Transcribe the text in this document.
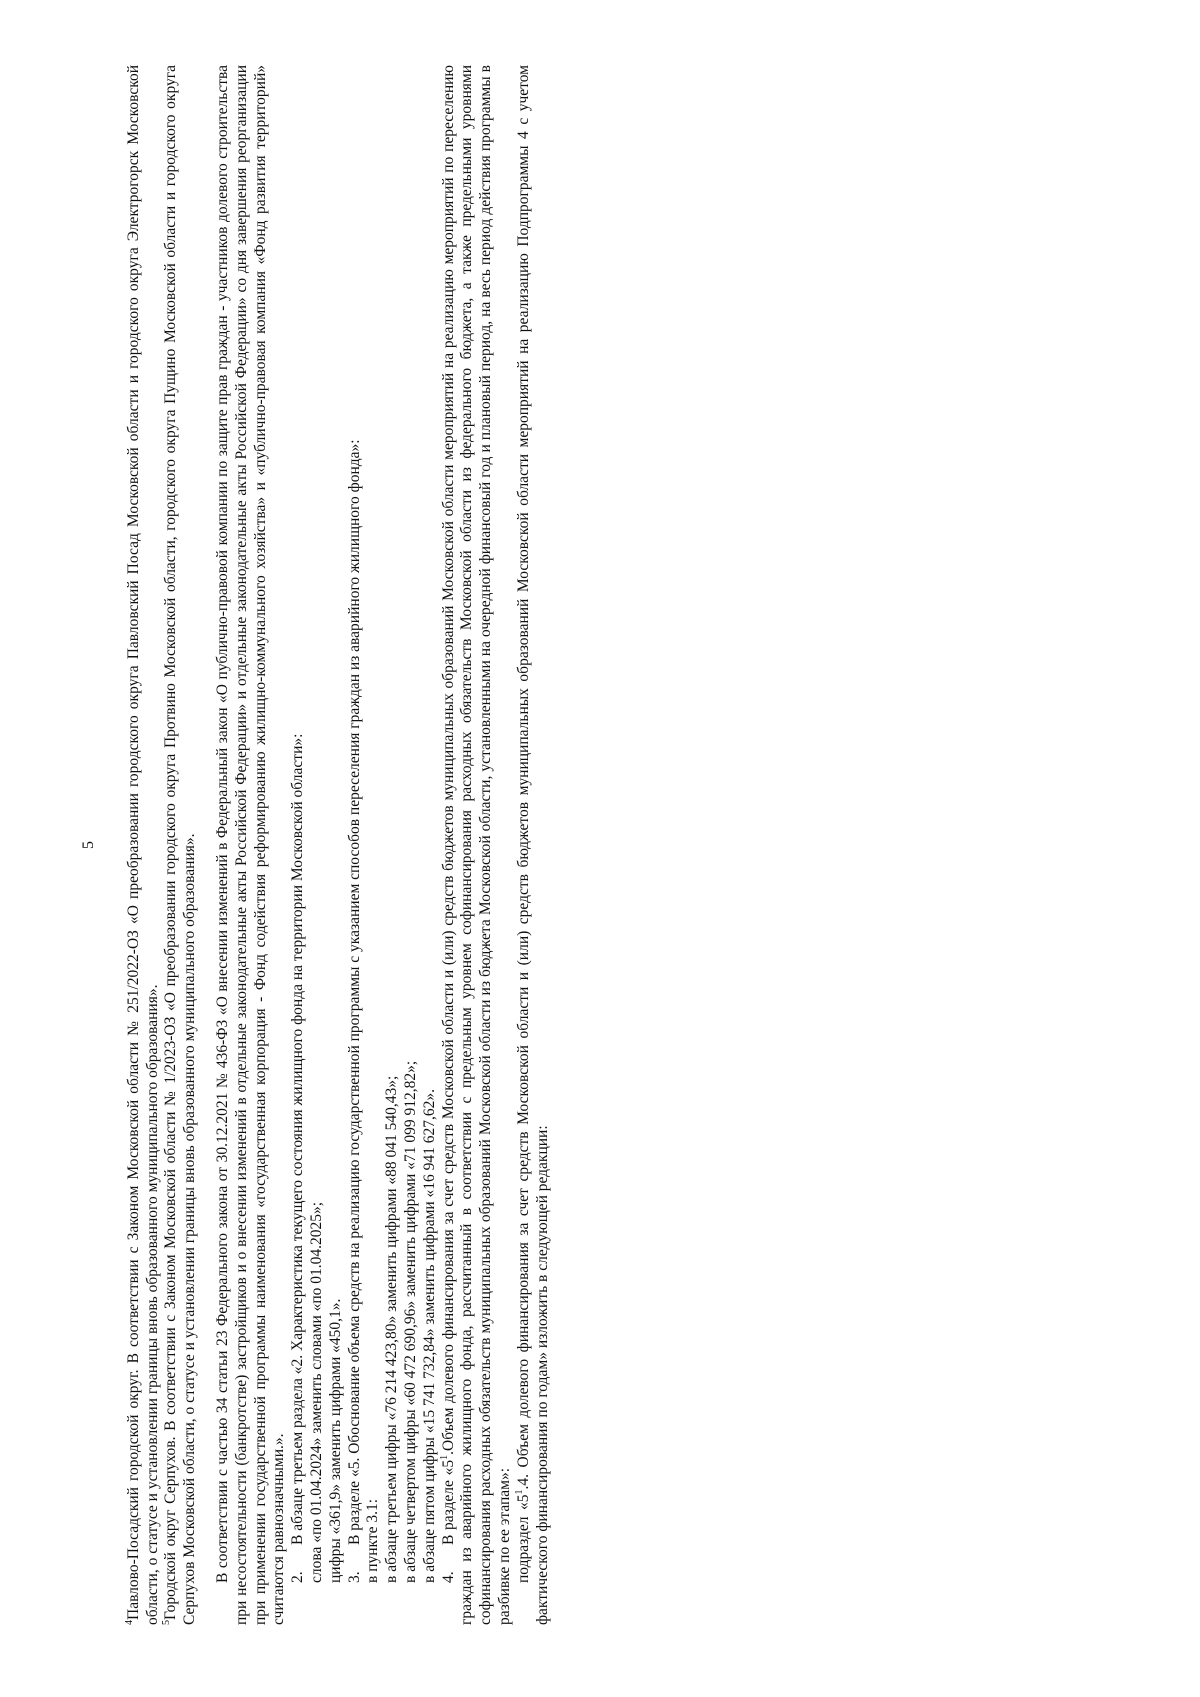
5

$^4$Павлово-Посадский городской округ. В соответствии с Законом Московской области № 251/2022-ОЗ «О преобразовании городского округа Павловский Посад Московской области и городского округа Электрогорск Московской области, о статусе и установлении границы вновь образованного муниципального образования». $^5$Городской округ Серпухов. В соответствии с Законом Московской области № 1/2023-ОЗ «О преобразовании городского округа Протвино Московской области, городского округа Пущино Московской области и городского округа Серпухов Московской области, о статусе и установлении границы вновь образованного муниципального образования». В соответствии с частью 34 статьи 23 Федерального закона от 30.12.2021 № 436-ФЗ «О внесении изменений в Федеральный закон «О публично-правовой компании по защите прав граждан - участников долевого строительства при несостоятельности (банкротстве) застройщиков и о внесении изменений в отдельные законодательные акты Российской Федерации» и отдельные законодательные акты Российской Федерации» со дня завершения реорганизации при применении государственной программы наименования «государственная корпорация - Фонд содействия реформированию жилищно-коммунального хозяйства» и «публично-правовая компания «Фонд развития территорий» считаются равнозначными.». 2.В абзаце третьем раздела «2. Характеристика текущего состояния жилищного фонда на территории Московской области»: слова «по 01.04.2024» заменить словами «по 01.04.2025»; цифры «361,9» заменить цифрами «450,1». 3.В разделе «5. Обоснование объема средств на реализацию государственной программы с указанием способов переселения граждан из аварийного жилищного фонда»: в пункте 3.1: в абзаце третьем цифры «76 214 423,80» заменить цифрами «88 041 540,43»; в абзаце четвертом цифры «60 472 690,96» заменить цифрами «71 099 912,82»; в абзаце пятом цифры «15 741 732,84» заменить цифрами «16 941 627,62». 4.В разделе «$5^1.Объем$ долевого финансирования за счет средств Московской области и (или) средств бюджетов муниципальных образований Московской области мероприятий на реализацию мероприятий по переселению граждан из аварийного жилищного фонда, рассчитанный в соответствии с предельным уровнем софинансирования расходных обязательств Московской области из федерального бюджета, а также предельными уровнями софинансирования расходных обязательств муниципальных образований Московской области из бюджета Московской области, установленными на очередной финансовый год и плановый период, на весь период действия программы в разбивке по ее этапам»: подраздел «$5^1.4$. Объем долевого финансирования за счет средств Московской области и (или) средств бюджетов муниципальных образований Московской области мероприятий на реализацию Подпрограммы 4 с учетом фактического финансирования по годам» изложить в следующей редакции:
